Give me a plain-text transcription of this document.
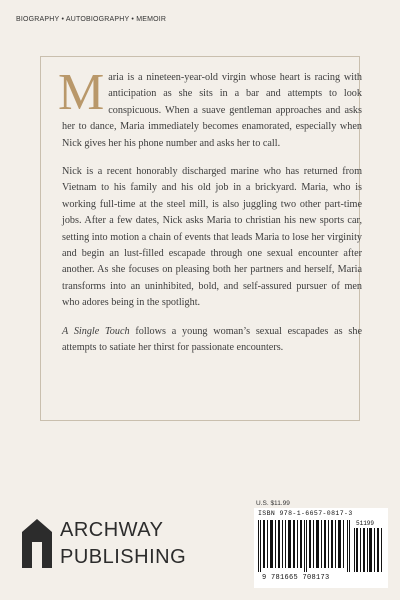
BIOGRAPHY • AUTOBIOGRAPHY • MEMOIR

Maria is a nineteen-year-old virgin whose heart is racing with anticipation as she sits in a bar and attempts to look conspicuous. When a suave gentleman approaches and asks her to dance, Maria immediately becomes enamorated, especially when Nick gives her his phone number and asks her to call.

Nick is a recent honorably discharged marine who has returned from Vietnam to his family and his old job in a brickyard. Maria, who is working full-time at the steel mill, is also juggling two other part-time jobs. After a few dates, Nick asks Maria to christian his new sports car, setting into motion a chain of events that leads Maria to lose her virginity and begin an lust-filled escapade through one sexual encounter after another. As she focuses on pleasing both her partners and herself, Maria transforms into an uninhibited, bold, and self-assured pursuer of men who adores being in the spotlight.

A Single Touch follows a young woman’s sexual escapades as she attempts to satiate her thirst for passionate encounters.

ARCHWAY
PUBLISHING
U.S. $11.99
ISBN 978-1-6657-0817-3
51199
9 781665 708173
